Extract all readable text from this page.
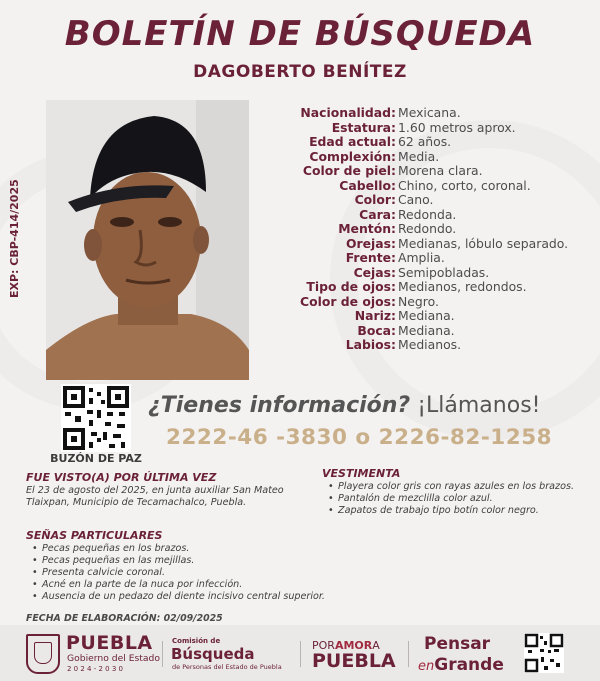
BOLETÍN DE BÚSQUEDA
DAGOBERTO BENÍTEZ
EXP: CBP-414/2025
Nacionalidad: Mexicana.
Estatura: 1.60 metros aprox.
Edad actual: 62 años.
Complexión: Media.
Color de piel: Morena clara.
Cabello: Chino, corto, coronal.
Color: Cano.
Cara: Redonda.
Mentón: Redondo.
Orejas: Medianas, lóbulo separado.
Frente: Amplia.
Cejas: Semipobladas.
Tipo de ojos: Medianos, redondos.
Color de ojos: Negro.
Nariz: Mediana.
Boca: Mediana.
Labios: Medianos.
BUZÓN DE PAZ
¿Tienes información? ¡Llámanos!
2222-46 -3830 o 2226-82-1258
FUE VISTO(A) POR ÚLTIMA VEZ
El 23 de agosto del 2025, en junta auxiliar San Mateo Tlaixpan, Municipio de Tecamachalco, Puebla.
VESTIMENTA
• Playera color gris con rayas azules en los brazos.
• Pantalón de mezclilla color azul.
• Zapatos de trabajo tipo botín color negro.
SEÑAS PARTICULARES
• Pecas pequeñas en los brazos.
• Pecas pequeñas en las mejillas.
• Presenta calvicie coronal.
• Acné en la parte de la nuca por infección.
• Ausencia de un pedazo del diente incisivo central superior.
FECHA DE ELABORACIÓN: 02/09/2025
PUEBLA
Gobierno del Estado
2 0 2 4 - 2 0 3 0
Comisión de
Búsqueda
de Personas del Estado de Puebla
PORAMORA
PUEBLA
Pensar
enGrande
